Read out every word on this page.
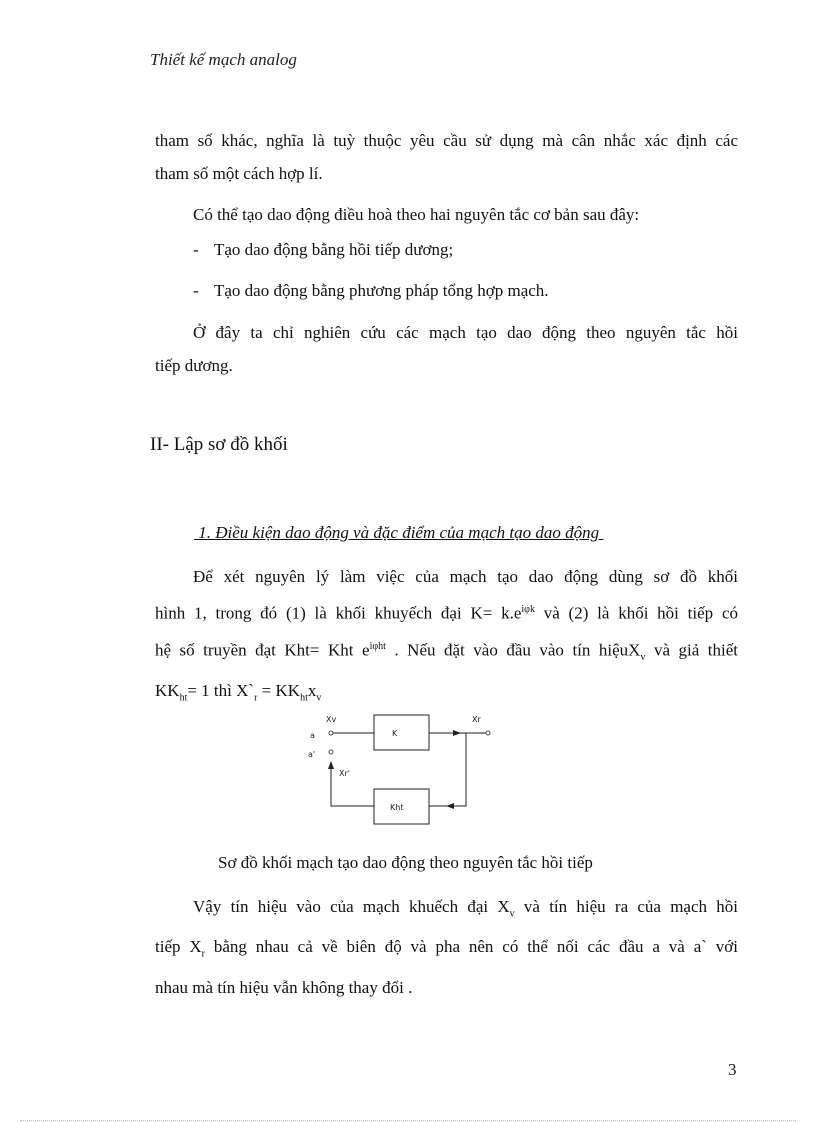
Thiết kế mạch analog
tham số khác, nghĩa là tuỳ thuộc yêu cầu sử dụng mà cân nhắc xác định các
tham số một cách hợp lí.
Có thể tạo dao động điều hoà theo hai nguyên tắc cơ bản sau đây:
- Tạo dao động bằng hồi tiếp dương;
- Tạo dao động bằng phương pháp tổng hợp mạch.
Ở đây ta chỉ nghiên cứu các mạch tạo dao động theo nguyên tắc hồi
tiếp dương.
II- Lập sơ đồ khối
1. Điều kiện dao động và đặc điểm của mạch tạo dao động
Để xét nguyên lý làm việc của mạch tạo dao động dùng sơ đồ khối
hình 1, trong đó (1) là khối khuyếch đại $K= k.e^{i\varphi k}$ và (2) là khối hồi tiếp có
hệ số truyền đạt Kht= Kht $e^{i\varphi ht}$ . Nếu đặt vào đầu vào tín hiệuX$_v$ và giả thiết
$KK_{ht}= 1$ thì $X`_r = KK_{ht}x_v$
Xv
a
a'
Xr
Xr'
K
Kht
Sơ đồ khối mạch tạo dao động theo nguyên tắc hồi tiếp
Vậy tín hiệu vào của mạch khuếch đại $X_v$ và tín hiệu ra của mạch hồi
tiếp $X_r$ bằng nhau cả về biên độ và pha nên có thể nối các đầu a và a` với
nhau mà tín hiệu vẫn không thay đổi .
3
